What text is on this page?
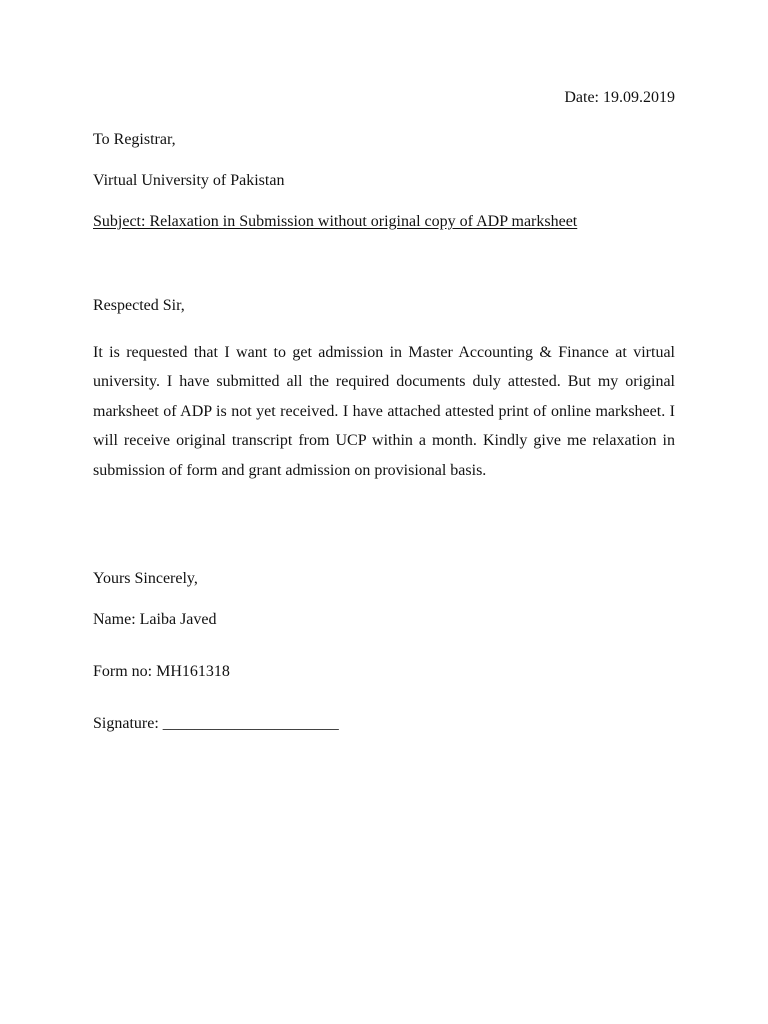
Date: 19.09.2019
To Registrar,
Virtual University of Pakistan
Subject: Relaxation in Submission without original copy of ADP marksheet
Respected Sir,
It is requested that I want to get admission in Master Accounting & Finance at virtual university. I have submitted all the required documents duly attested. But my original marksheet of ADP is not yet received. I have attached attested print of online marksheet. I will receive original transcript from UCP within a month. Kindly give me relaxation in submission of form and grant admission on provisional basis.
Yours Sincerely,
Name: Laiba Javed
Form no: MH161318
Signature: ______________________
